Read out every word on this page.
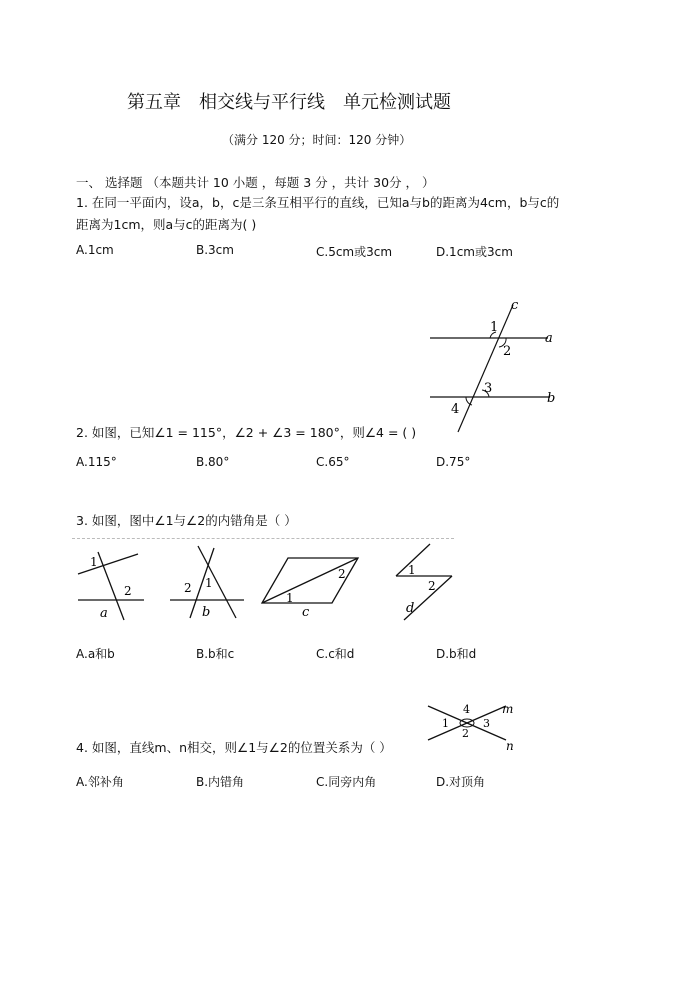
第五章　相交线与平行线　单元检测试题
（满分 120 分；时间：120 分钟）
一、 选择题 （本题共计 10 小题 ，每题 3 分 ，共计 30分 ， ）
1. 在同一平面内，设a，b，c是三条互相平行的直线，已知a与b的距离为4cm，b与c的
距离为1cm，则a与c的距离为( )
A.1cm	B.3cm	C.5cm或3cm	D.1cm或3cm
c
1
a
2
3
b
4
2. 如图，已知∠1 = 115°，∠2 + ∠3 = 180°，则∠4 = ( )
A.115°	B.80°	C.65°	D.75°
3. 如图，图中∠1与∠2的内错角是（ ）
1
2
a
2 1
b
2
1
c
1
2
d
A.a和b	B.b和c	C.c和d	D.b和d
4	m
1	3
2
n
4. 如图，直线m、n相交，则∠1与∠2的位置关系为（ ）
A.邻补角	B.内错角	C.同旁内角	D.对顶角
